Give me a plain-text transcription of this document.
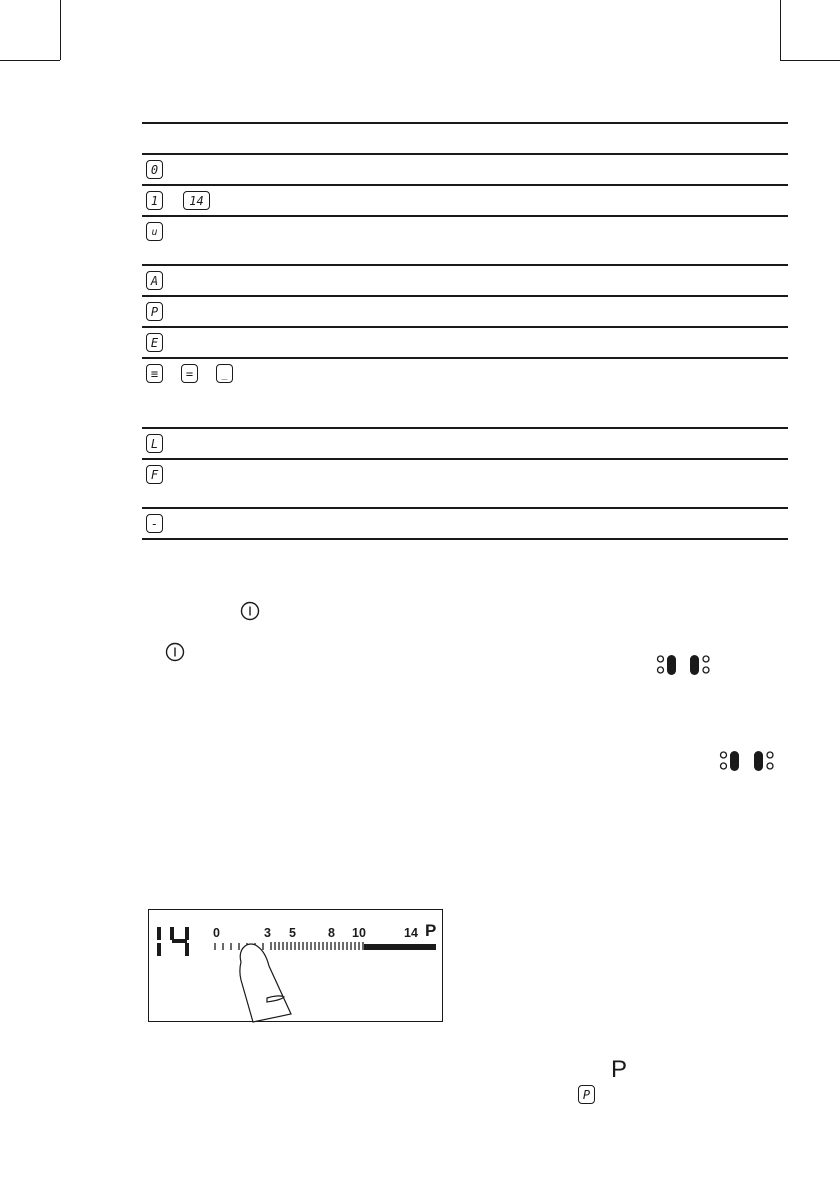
0
1	14
u
A
P
E
≡	=	_
L
F
-
0	3 5	8 10	14 P
P
P
